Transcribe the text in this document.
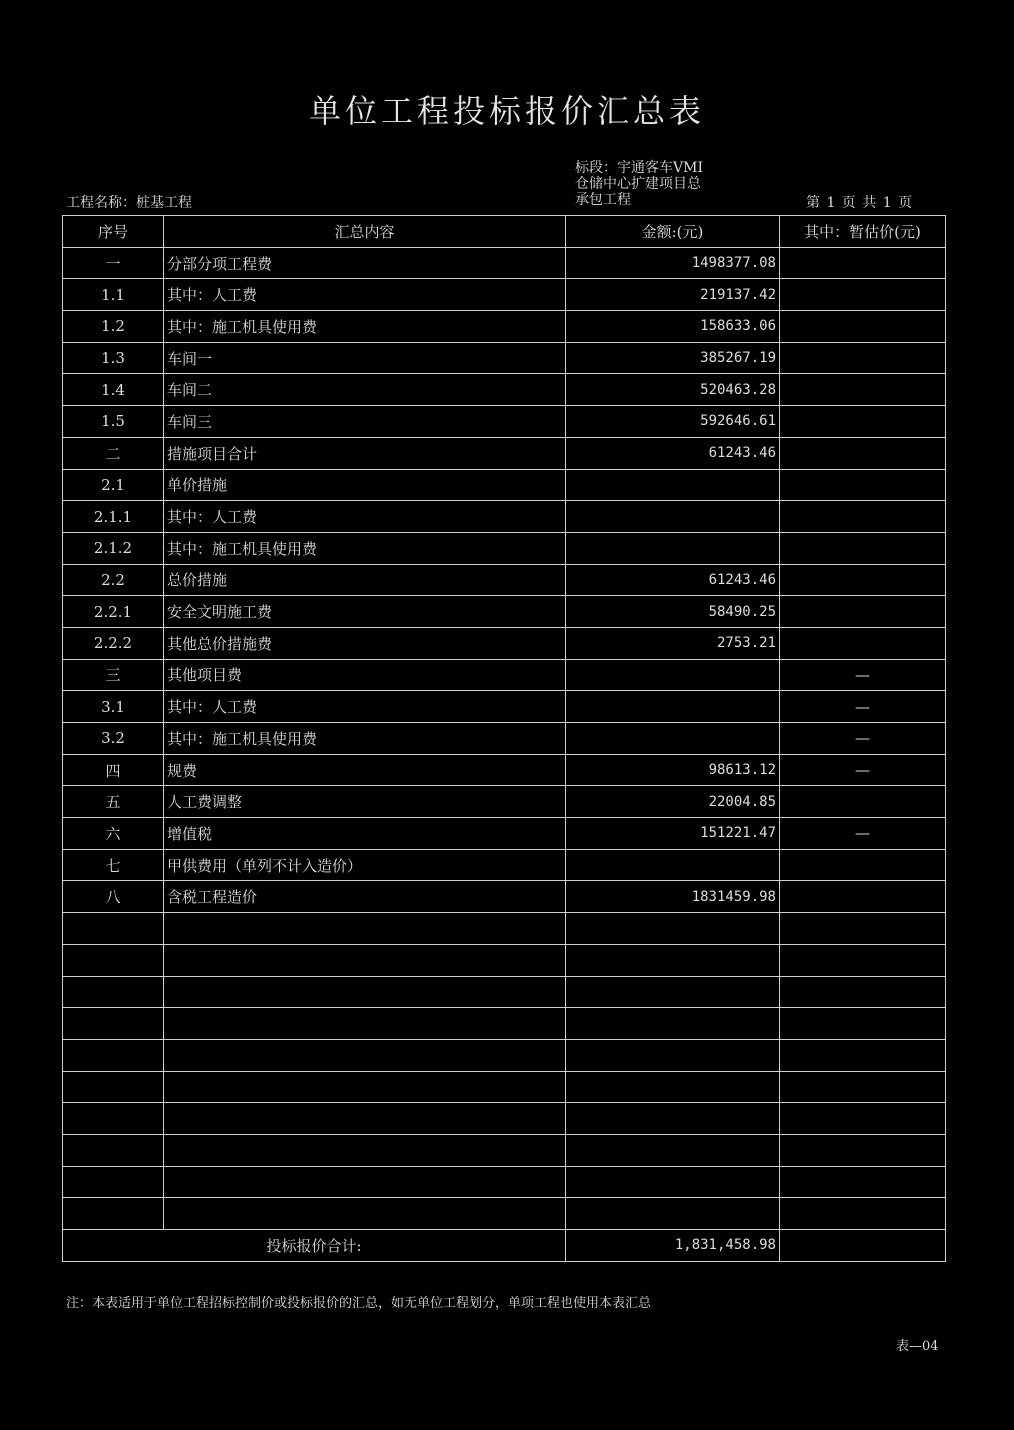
单位工程投标报价汇总表
工程名称：桩基工程
标段：宇通客车VMI
仓储中心扩建项目总
承包工程	第 1 页 共 1 页
序号	汇总内容	金额:(元)	其中：暂估价(元)
一	分部分项工程费	1498377.08	
1.1	其中：人工费	219137.42	
1.2	其中：施工机具使用费	158633.06	
1.3	车间一	385267.19	
1.4	车间二	520463.28	
1.5	车间三	592646.61	
二	措施项目合计	61243.46	
2.1	单价措施		
2.1.1	其中：人工费		
2.1.2	其中：施工机具使用费		
2.2	总价措施	61243.46	
2.2.1	安全文明施工费	58490.25	
2.2.2	其他总价措施费	2753.21	
三	其他项目费		—
3.1	其中：人工费		—
3.2	其中：施工机具使用费		—
四	规费	98613.12	—
五	人工费调整	22004.85	
六	增值税	151221.47	—
七	甲供费用（单列不计入造价）		
八	含税工程造价	1831459.98	

投标报价合计:		1,831,458.98	
注：本表适用于单位工程招标控制价或投标报价的汇总，如无单位工程划分，单项工程也使用本表汇总
表—04
